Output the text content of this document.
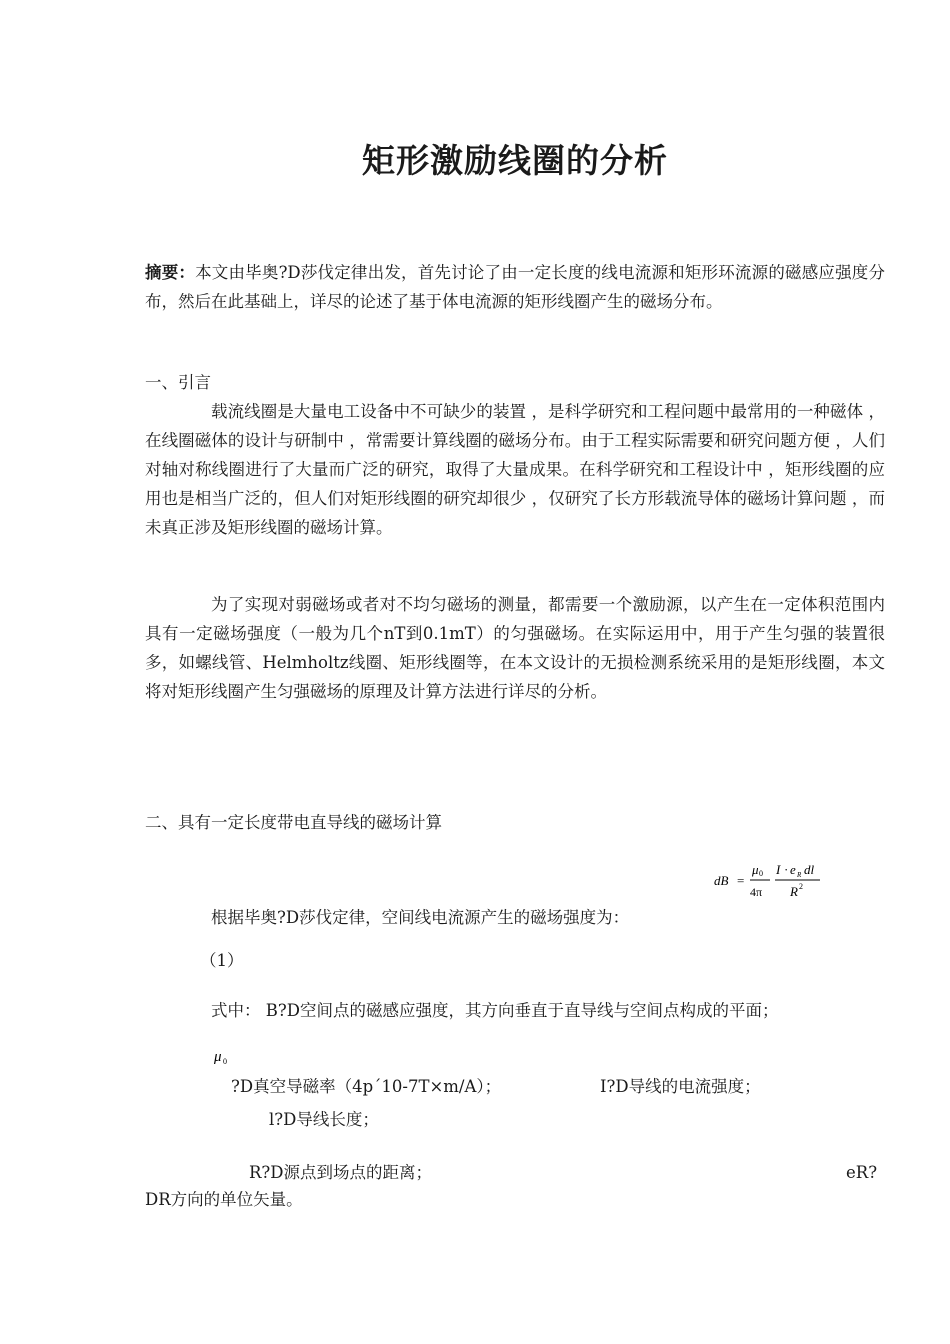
矩形激励线圈的分析

摘要：本文由毕奥?D莎伐定律出发，首先讨论了由一定长度的线电流源和矩形环流源的磁感应强度分布，然后在此基础上，详尽的论述了基于体电流源的矩形线圈产生的磁场分布。

一、引言

载流线圈是大量电工设备中不可缺少的装置 ，是科学研究和工程问题中最常用的一种磁体 ，在线圈磁体的设计与研制中 ，常需要计算线圈的磁场分布。由于工程实际需要和研究问题方便 ，人们对轴对称线圈进行了大量而广泛的研究，取得了大量成果。在科学研究和工程设计中 ，矩形线圈的应用也是相当广泛的，但人们对矩形线圈的研究却很少 ，仅研究了长方形载流导体的磁场计算问题 ，而未真正涉及矩形线圈的磁场计算。

为了实现对弱磁场或者对不均匀磁场的测量，都需要一个激励源，以产生在一定体积范围内具有一定磁场强度（一般为几个nT到0.1mT）的匀强磁场。在实际运用中，用于产生匀强的装置很多，如螺线管、Helmholtz线圈、矩形线圈等，在本文设计的无损检测系统采用的是矩形线圈，本文将对矩形线圈产生匀强磁场的原理及计算方法进行详尽的分析。

二、具有一定长度带电直导线的磁场计算
dB =
μ 0
4π
I · e R dl
R 2
根据毕奥?D莎伐定律，空间线电流源产生的磁场强度为：
（1）
式中： B?D空间点的磁感应强度，其方向垂直于直导线与空间点构成的平面；
μ 0
?D真空导磁率（4p´10-7T×m/A）；	I?D导线的电流强度；
l?D导线长度；
R?D源点到场点的距离；	eR?
DR方向的单位矢量。
